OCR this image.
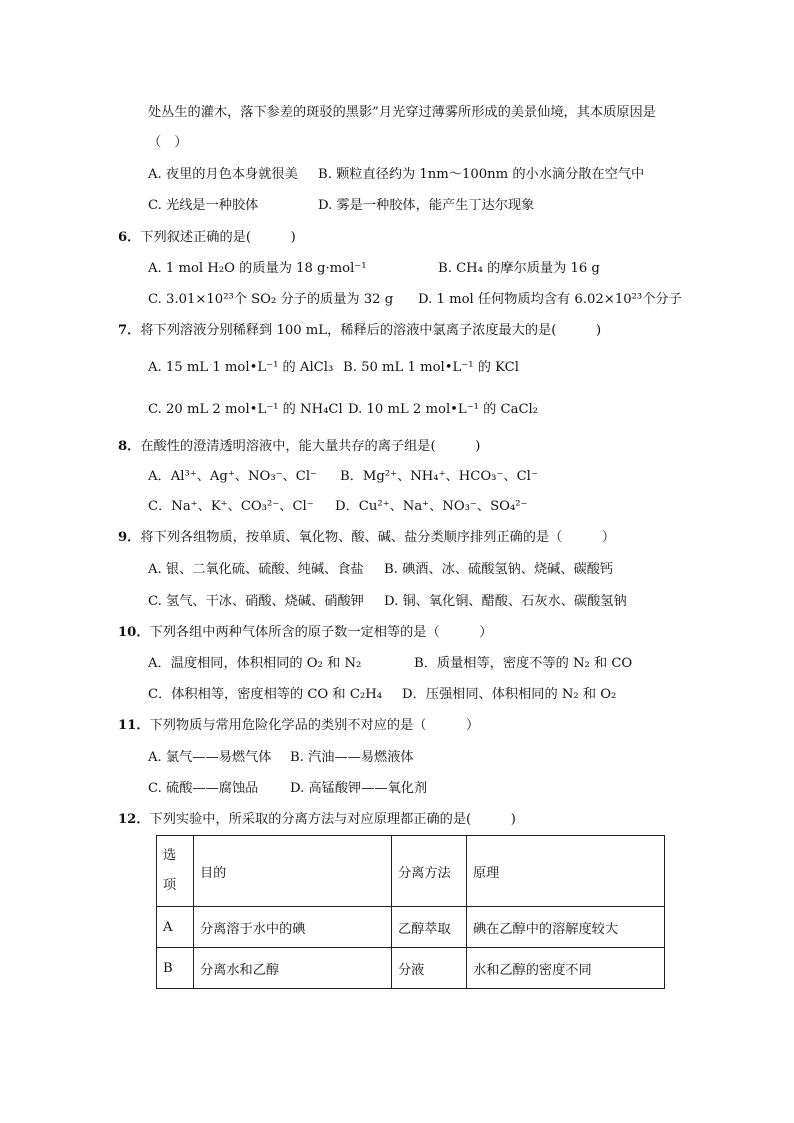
处丛生的灌木，落下参差的斑驳的黑影”月光穿过薄雾所形成的美景仙境，其本质原因是
（　）
A. 夜里的月色本身就很美 B. 颗粒直径约为 1nm～100nm 的小水滴分散在空气中
C. 光线是一种胶体	D. 雾是一种胶体，能产生丁达尔现象
6．下列叙述正确的是(　　　)
A. 1 mol H₂O 的质量为 18 g·mol⁻¹	B. CH₄ 的摩尔质量为 16 g
C. 3.01×10²³个 SO₂ 分子的质量为 32 g D. 1 mol 任何物质均含有 6.02×10²³个分子
7．将下列溶液分别稀释到 100 mL，稀释后的溶液中氯离子浓度最大的是(　　　)
A. 15 mL 1 mol•L⁻¹ 的 AlCl₃ B. 50 mL 1 mol•L⁻¹ 的 KCl
C. 20 mL 2 mol•L⁻¹ 的 NH₄Cl D. 10 mL 2 mol•L⁻¹ 的 CaCl₂
8．在酸性的澄清透明溶液中，能大量共存的离子组是(　　　)
A．Al³⁺、Ag⁺、NO₃⁻、Cl⁻ B．Mg²⁺、NH₄⁺、HCO₃⁻、Cl⁻
C．Na⁺、K⁺、CO₃²⁻、Cl⁻ D．Cu²⁺、Na⁺、NO₃⁻、SO₄²⁻
9．将下列各组物质，按单质、氧化物、酸、碱、盐分类顺序排列正确的是（　　　）
A. 银、二氧化硫、硫酸、纯碱、食盐 B. 碘酒、冰、硫酸氢钠、烧碱、碳酸钙
C. 氢气、干冰、硝酸、烧碱、硝酸钾 D. 铜、氧化铜、醋酸、石灰水、碳酸氢钠
10．下列各组中两种气体所含的原子数一定相等的是（　　　）
A．温度相同，体积相同的 O₂ 和 N₂	B．质量相等，密度不等的 N₂ 和 CO
C．体积相等，密度相等的 CO 和 C₂H₄ D．压强相同、体积相同的 N₂ 和 O₂
11．下列物质与常用危险化学品的类别不对应的是（　　　）
A. 氯气——易燃气体 B. 汽油——易燃液体
C. 硫酸——腐蚀品 D. 高锰酸钾——氧化剂
12．下列实验中，所采取的分离方法与对应原理都正确的是(　　　)
选
项	目的	分离方法	原理
A	分离溶于水中的碘	乙醇萃取	碘在乙醇中的溶解度较大
B	分离水和乙醇	分液	水和乙醇的密度不同
